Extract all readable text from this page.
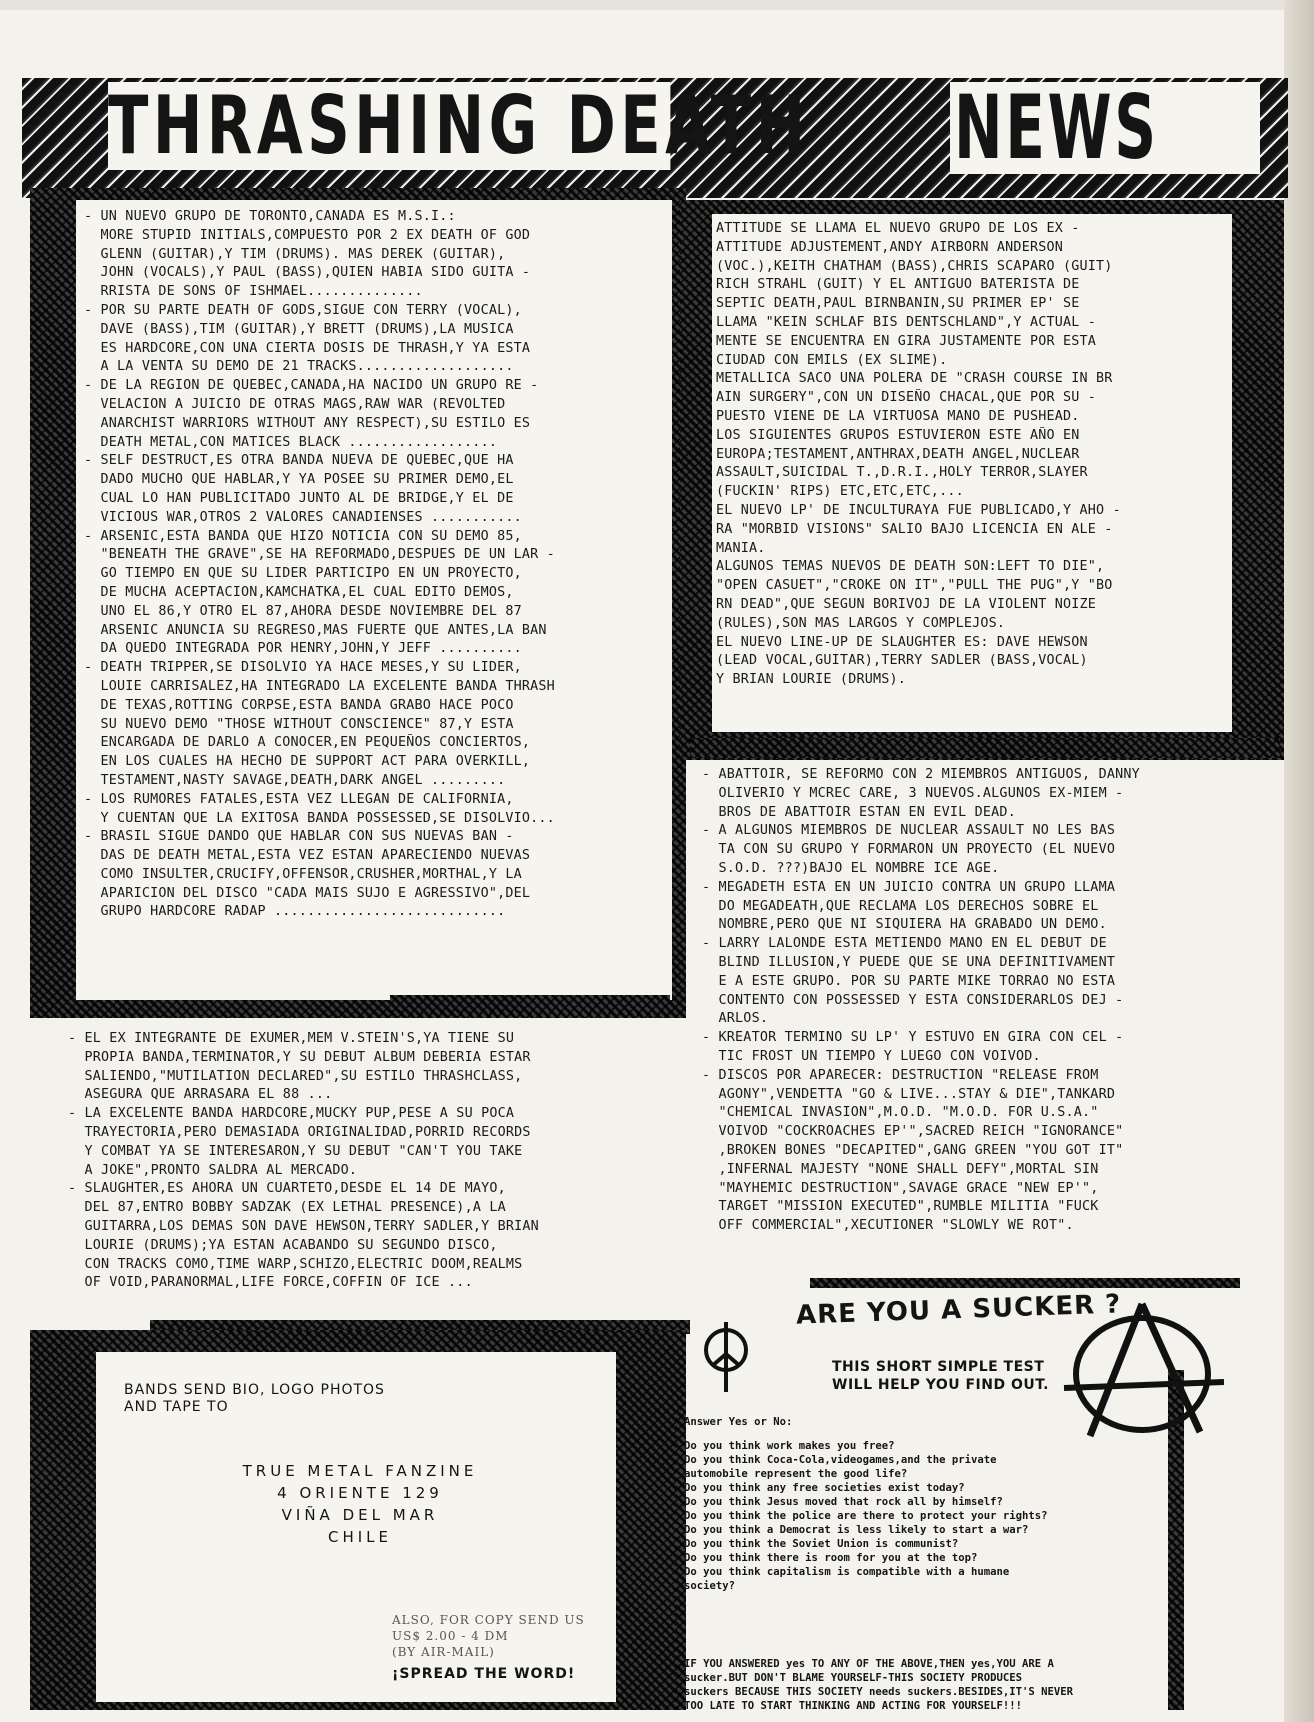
THRASHING DEATH NEWS
- UN NUEVO GRUPO DE TORONTO,CANADA ES M.S.I.:
MORE STUPID INITIALS,COMPUESTO POR 2 EX DEATH OF GOD
GLENN (GUITAR),Y TIM (DRUMS). MAS DEREK (GUITAR),
JOHN (VOCALS),Y PAUL (BASS),QUIEN HABIA SIDO GUITA -
RRISTA DE SONS OF ISHMAEL..............
- POR SU PARTE DEATH OF GODS,SIGUE CON TERRY (VOCAL),
DAVE (BASS),TIM (GUITAR),Y BRETT (DRUMS),LA MUSICA
ES HARDCORE,CON UNA CIERTA DOSIS DE THRASH,Y YA ESTA
A LA VENTA SU DEMO DE 21 TRACKS...................
- DE LA REGION DE QUEBEC,CANADA,HA NACIDO UN GRUPO RE -
VELACION A JUICIO DE OTRAS MAGS,RAW WAR (REVOLTED
ANARCHIST WARRIORS WITHOUT ANY RESPECT),SU ESTILO ES
DEATH METAL,CON MATICES BLACK ..................
- SELF DESTRUCT,ES OTRA BANDA NUEVA DE QUEBEC,QUE HA
DADO MUCHO QUE HABLAR,Y YA POSEE SU PRIMER DEMO,EL
CUAL LO HAN PUBLICITADO JUNTO AL DE BRIDGE,Y EL DE
VICIOUS WAR,OTROS 2 VALORES CANADIENSES ...........
- ARSENIC,ESTA BANDA QUE HIZO NOTICIA CON SU DEMO 85,
"BENEATH THE GRAVE",SE HA REFORMADO,DESPUES DE UN LAR -
GO TIEMPO EN QUE SU LIDER PARTICIPO EN UN PROYECTO,
DE MUCHA ACEPTACION,KAMCHATKA,EL CUAL EDITO DEMOS,
UNO EL 86,Y OTRO EL 87,AHORA DESDE NOVIEMBRE DEL 87
ARSENIC ANUNCIA SU REGRESO,MAS FUERTE QUE ANTES,LA BAN
DA QUEDO INTEGRADA POR HENRY,JOHN,Y JEFF ..........
- DEATH TRIPPER,SE DISOLVIO YA HACE MESES,Y SU LIDER,
LOUIE CARRISALEZ,HA INTEGRADO LA EXCELENTE BANDA THRASH
DE TEXAS,ROTTING CORPSE,ESTA BANDA GRABO HACE POCO
SU NUEVO DEMO "THOSE WITHOUT CONSCIENCE" 87,Y ESTA
ENCARGADA DE DARLO A CONOCER,EN PEQUEÑOS CONCIERTOS,
EN LOS CUALES HA HECHO DE SUPPORT ACT PARA OVERKILL,
TESTAMENT,NASTY SAVAGE,DEATH,DARK ANGEL .........
- LOS RUMORES FATALES,ESTA VEZ LLEGAN DE CALIFORNIA,
Y CUENTAN QUE LA EXITOSA BANDA POSSESSED,SE DISOLVIO...
- BRASIL SIGUE DANDO QUE HABLAR CON SUS NUEVAS BAN -
DAS DE DEATH METAL,ESTA VEZ ESTAN APARECIENDO NUEVAS
COMO INSULTER,CRUCIFY,OFFENSOR,CRUSHER,MORTHAL,Y LA
APARICION DEL DISCO "CADA MAIS SUJO E AGRESSIVO",DEL
GRUPO HARDCORE RADAP ............................
- EL EX INTEGRANTE DE EXUMER,MEM V.STEIN'S,YA TIENE SU
PROPIA BANDA,TERMINATOR,Y SU DEBUT ALBUM DEBERIA ESTAR
SALIENDO,"MUTILATION DECLARED",SU ESTILO THRASHCLASS,
ASEGURA QUE ARRASARA EL 88 ...
- LA EXCELENTE BANDA HARDCORE,MUCKY PUP,PESE A SU POCA
TRAYECTORIA,PERO DEMASIADA ORIGINALIDAD,PORRID RECORDS
Y COMBAT YA SE INTERESARON,Y SU DEBUT "CAN'T YOU TAKE
A JOKE",PRONTO SALDRA AL MERCADO.
- SLAUGHTER,ES AHORA UN CUARTETO,DESDE EL 14 DE MAYO,
DEL 87,ENTRO BOBBY SADZAK (EX LETHAL PRESENCE),A LA
GUITARRA,LOS DEMAS SON DAVE HEWSON,TERRY SADLER,Y BRIAN
LOURIE (DRUMS);YA ESTAN ACABANDO SU SEGUNDO DISCO,
CON TRACKS COMO,TIME WARP,SCHIZO,ELECTRIC DOOM,REALMS
OF VOID,PARANORMAL,LIFE FORCE,COFFIN OF ICE ...
ATTITUDE SE LLAMA EL NUEVO GRUPO DE LOS EX -
ATTITUDE ADJUSTEMENT,ANDY AIRBORN ANDERSON
(VOC.),KEITH CHATHAM (BASS),CHRIS SCAPARO (GUIT)
RICH STRAHL (GUIT) Y EL ANTIGUO BATERISTA DE
SEPTIC DEATH,PAUL BIRNBANIN,SU PRIMER EP' SE
LLAMA "KEIN SCHLAF BIS DENTSCHLAND",Y ACTUAL -
MENTE SE ENCUENTRA EN GIRA JUSTAMENTE POR ESTA
CIUDAD CON EMILS (EX SLIME).
METALLICA SACO UNA POLERA DE "CRASH COURSE IN BR
AIN SURGERY",CON UN DISEÑO CHACAL,QUE POR SU -
PUESTO VIENE DE LA VIRTUOSA MANO DE PUSHEAD.
LOS SIGUIENTES GRUPOS ESTUVIERON ESTE AÑO EN
EUROPA;TESTAMENT,ANTHRAX,DEATH ANGEL,NUCLEAR
ASSAULT,SUICIDAL T.,D.R.I.,HOLY TERROR,SLAYER
(FUCKIN' RIPS) ETC,ETC,ETC,...
EL NUEVO LP' DE INCULTURAYA FUE PUBLICADO,Y AHO -
RA "MORBID VISIONS" SALIO BAJO LICENCIA EN ALE -
MANIA.
ALGUNOS TEMAS NUEVOS DE DEATH SON:LEFT TO DIE",
"OPEN CASUET","CROKE ON IT","PULL THE PUG",Y "BO
RN DEAD",QUE SEGUN BORIVOJ DE LA VIOLENT NOIZE
(RULES),SON MAS LARGOS Y COMPLEJOS.
EL NUEVO LINE-UP DE SLAUGHTER ES: DAVE HEWSON
(LEAD VOCAL,GUITAR),TERRY SADLER (BASS,VOCAL)
Y BRIAN LOURIE (DRUMS).
- ABATTOIR, SE REFORMO CON 2 MIEMBROS ANTIGUOS, DANNY
OLIVERIO Y MCREC CARE, 3 NUEVOS.ALGUNOS EX-MIEM -
BROS DE ABATTOIR ESTAN EN EVIL DEAD.
- A ALGUNOS MIEMBROS DE NUCLEAR ASSAULT NO LES BAS
TA CON SU GRUPO Y FORMARON UN PROYECTO (EL NUEVO
S.O.D. ???)BAJO EL NOMBRE ICE AGE.
- MEGADETH ESTA EN UN JUICIO CONTRA UN GRUPO LLAMA
DO MEGADEATH,QUE RECLAMA LOS DERECHOS SOBRE EL
NOMBRE,PERO QUE NI SIQUIERA HA GRABADO UN DEMO.
- LARRY LALONDE ESTA METIENDO MANO EN EL DEBUT DE
BLIND ILLUSION,Y PUEDE QUE SE UNA DEFINITIVAMENT
E A ESTE GRUPO. POR SU PARTE MIKE TORRAO NO ESTA
CONTENTO CON POSSESSED Y ESTA CONSIDERARLOS DEJ -
ARLOS.
- KREATOR TERMINO SU LP' Y ESTUVO EN GIRA CON CEL -
TIC FROST UN TIEMPO Y LUEGO CON VOIVOD.
- DISCOS POR APARECER: DESTRUCTION "RELEASE FROM
AGONY",VENDETTA "GO & LIVE...STAY & DIE",TANKARD
"CHEMICAL INVASION",M.O.D. "M.O.D. FOR U.S.A."
VOIVOD "COCKROACHES EP'",SACRED REICH "IGNORANCE"
,BROKEN BONES "DECAPITED",GANG GREEN "YOU GOT IT"
,INFERNAL MAJESTY "NONE SHALL DEFY",MORTAL SIN
"MAYHEMIC DESTRUCTION",SAVAGE GRACE "NEW EP'",
TARGET "MISSION EXECUTED",RUMBLE MILITIA "FUCK
OFF COMMERCIAL",XECUTIONER "SLOWLY WE ROT".
BANDS SEND BIO, LOGO PHOTOS
AND TAPE TO
TRUE METAL FANZINE
4 ORIENTE 129
VIÑA DEL MAR
CHILE
ALSO, FOR COPY SEND US
US$ 2.00 - 4 DM
(BY AIR-MAIL)
¡SPREAD THE WORD!
ARE YOU A SUCKER ?
THIS SHORT SIMPLE TEST
WILL HELP YOU FIND OUT.
Answer Yes or No:
Do you think work makes you free?
Do you think Coca-Cola,videogames,and the private
automobile represent the good life?
Do you think any free societies exist today?
Do you think Jesus moved that rock all by himself?
Do you think the police are there to protect your rights?
Do you think a Democrat is less likely to start a war?
Do you think the Soviet Union is communist?
Do you think there is room for you at the top?
Do you think capitalism is compatible with a humane
society?
IF YOU ANSWERED yes TO ANY OF THE ABOVE,THEN yes,YOU ARE A
sucker.BUT DON'T BLAME YOURSELF-THIS SOCIETY PRODUCES
suckers BECAUSE THIS SOCIETY needs suckers.BESIDES,IT'S NEVER
TOO LATE TO START THINKING AND ACTING FOR YOURSELF!!!
